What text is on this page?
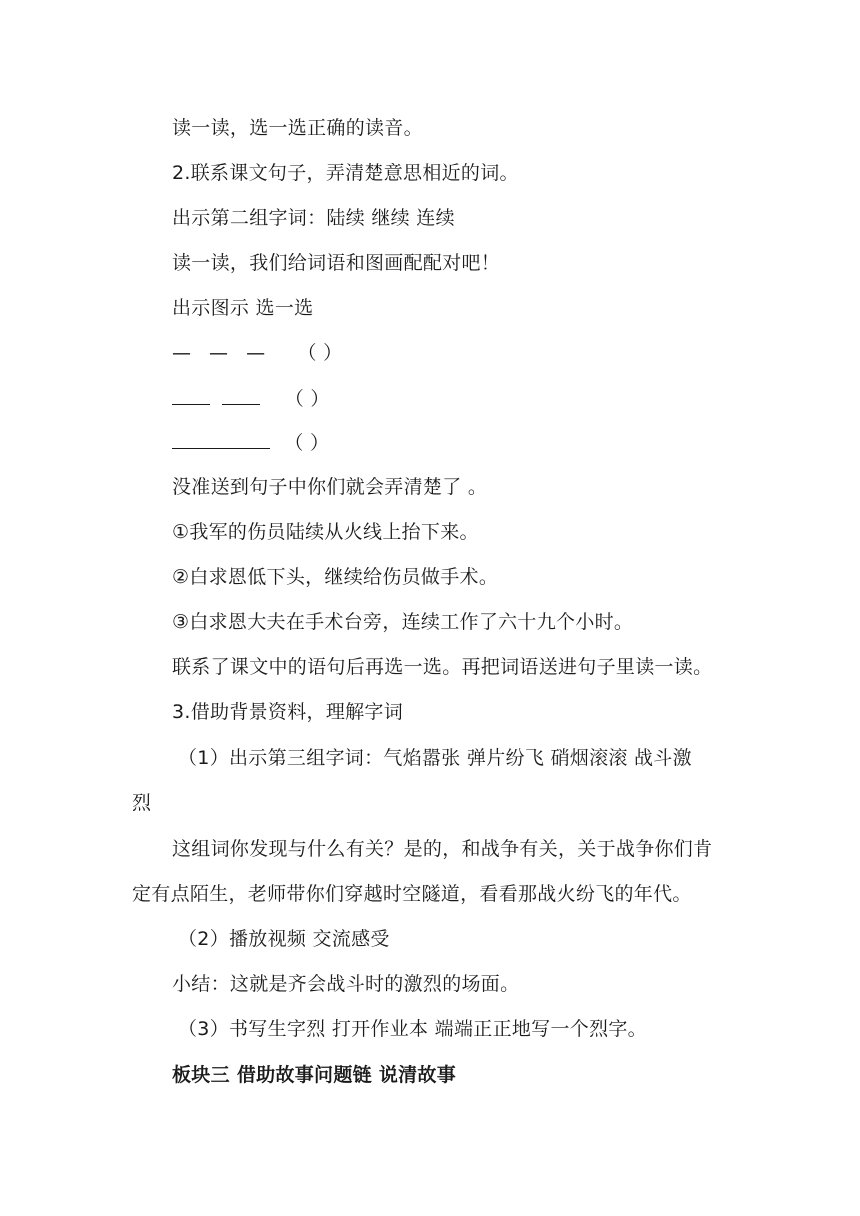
读一读，选一选正确的读音。
2.联系课文句子，弄清楚意思相近的词。
出示第二组字词：陆续 继续 连续
读一读，我们给词语和图画配配对吧！
出示图示 选一选
— — — （ ）
（ ）
（ ）
没准送到句子中你们就会弄清楚了 。
①我军的伤员陆续从火线上抬下来。
②白求恩低下头，继续给伤员做手术。
③白求恩大夫在手术台旁，连续工作了六十九个小时。
联系了课文中的语句后再选一选。再把词语送进句子里读一读。
3.借助背景资料，理解字词
（1）出示第三组字词：气焰嚣张 弹片纷飞 硝烟滚滚 战斗激
烈
这组词你发现与什么有关？是的，和战争有关，关于战争你们肯
定有点陌生，老师带你们穿越时空隧道，看看那战火纷飞的年代。
（2）播放视频 交流感受
小结：这就是齐会战斗时的激烈的场面。
（3）书写生字烈 打开作业本 端端正正地写一个烈字。
板块三 借助故事问题链 说清故事
